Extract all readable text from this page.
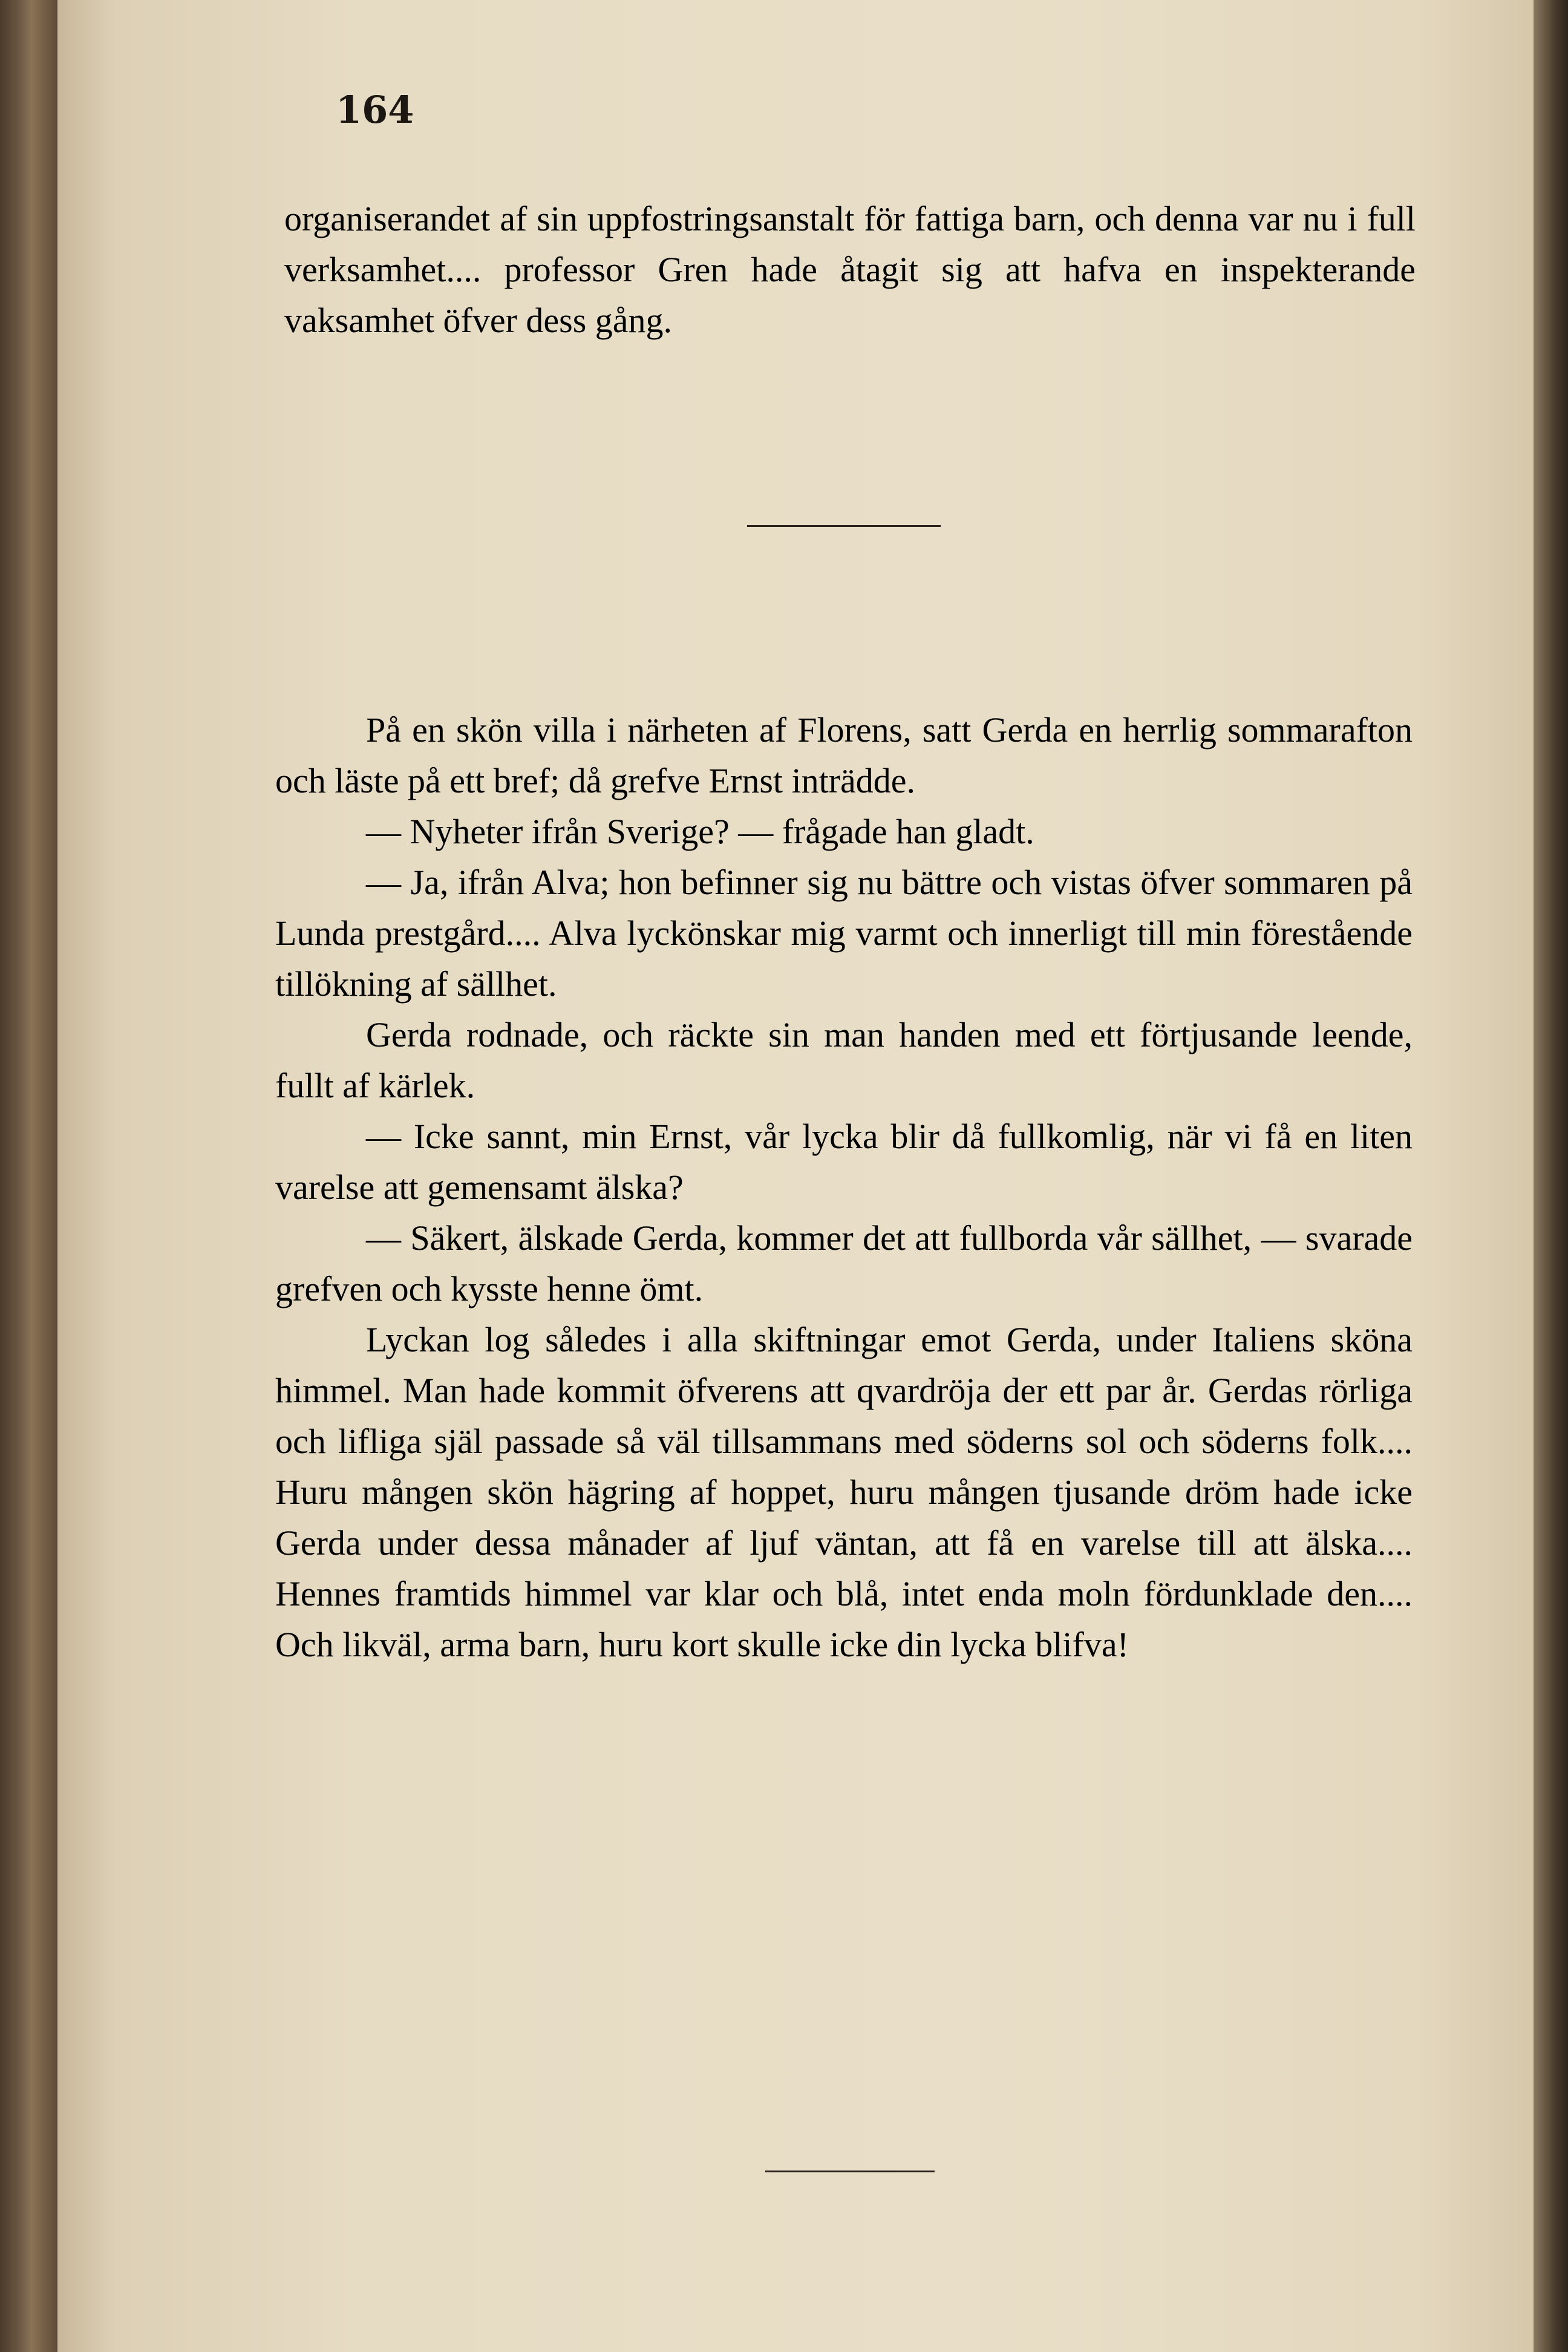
164

organiserandet af sin uppfostringsanstalt för fattiga barn, och denna var nu i full verksamhet.... professor Gren hade åtagit sig att hafva en inspekterande vaksamhet öfver dess gång.

På en skön villa i närheten af Florens, satt Gerda en herrlig sommarafton och läste på ett bref; då grefve Ernst inträdde.

— Nyheter ifrån Sverige? — frågade han gladt.

— Ja, ifrån Alva; hon befinner sig nu bättre och vistas öfver sommaren på Lunda prestgård.... Alva lyckönskar mig varmt och innerligt till min förestående tillökning af sällhet.

Gerda rodnade, och räckte sin man handen med ett förtjusande leende, fullt af kärlek.

— Icke sannt, min Ernst, vår lycka blir då fullkomlig, när vi få en liten varelse att gemensamt älska?

— Säkert, älskade Gerda, kommer det att fullborda vår sällhet, — svarade grefven och kysste henne ömt.

Lyckan log således i alla skiftningar emot Gerda, under Italiens sköna himmel. Man hade kommit öfverens att qvardröja der ett par år. Gerdas rörliga och lifliga själ passade så väl tillsammans med söderns sol och söderns folk.... Huru mången skön hägring af hoppet, huru mången tjusande dröm hade icke Gerda under dessa månader af ljuf väntan, att få en varelse till att älska.... Hennes framtids himmel var klar och blå, intet enda moln fördunklade den.... Och likväl, arma barn, huru kort skulle icke din lycka blifva!
